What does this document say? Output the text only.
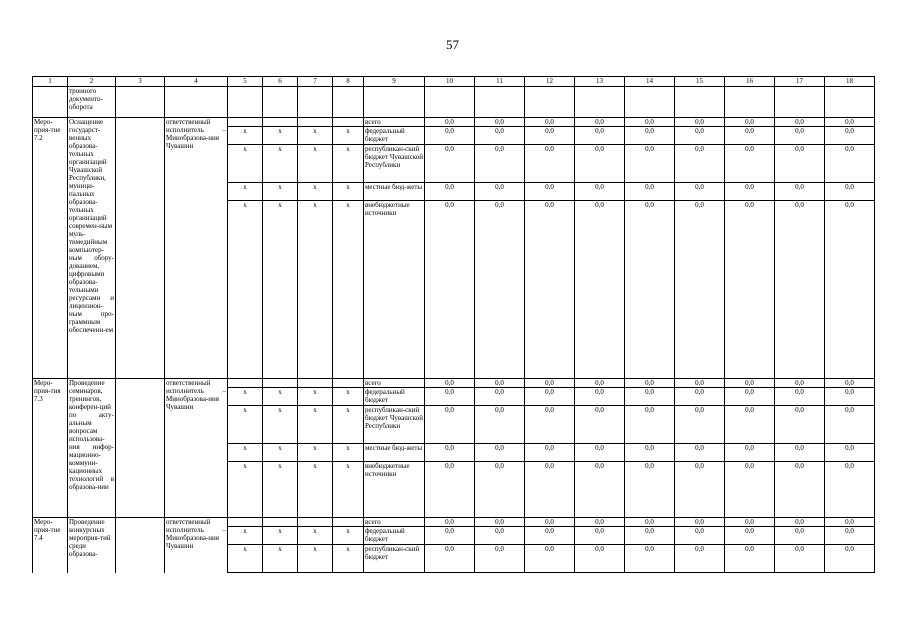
57
1	2	3	4	5	6	7	8	9	10	11	12	13	14	15	16	17	18
	тронного документо-оборота																
Меро-прия-тие 7.2	Оснащение государст-венных образова-тельных организаций Чувашской Республики, муници-пальных образова-тельных организаций современ-ным муль-тимедийным компьютер-ным обору-дованием, цифровыми образова-тельными ресурсами и лицензион-ным про-граммным обеспечени-ем		ответственный исполнитель – Минобразова-ния Чувашии					всего	0,0	0,0	0,0	0,0	0,0	0,0	0,0	0,0	0,0
				x	x	x	x	федеральный бюджет	0,0	0,0	0,0	0,0	0,0	0,0	0,0	0,0	0,0
				x	x	x	x	республикан-ский бюджет Чувашской Республики	0,0	0,0	0,0	0,0	0,0	0,0	0,0	0,0	0,0
				x	x	x	x	местные бюд-жеты	0,0	0,0	0,0	0,0	0,0	0,0	0,0	0,0	0,0
				x	x	x	x	внебюджетные источники	0,0	0,0	0,0	0,0	0,0	0,0	0,0	0,0	0,0
Меро-прия-тия 7.3	Проведение семинаров, тренингов, конферен-ций по акту-альным вопросам использова-ния инфор-мационно-коммуни-кационных технологий в образова-нии		ответственный исполнитель – Минобразова-ния Чувашии					всего	0,0	0,0	0,0	0,0	0,0	0,0	0,0	0,0	0,0
				x	x	x	x	федеральный бюджет	0,0	0,0	0,0	0,0	0,0	0,0	0,0	0,0	0,0
				x	x	x	x	республикан-ский бюджет Чувашской Республики	0,0	0,0	0,0	0,0	0,0	0,0	0,0	0,0	0,0
				x	x	x	x	местные бюд-жеты	0,0	0,0	0,0	0,0	0,0	0,0	0,0	0,0	0,0
				x	x	x	x	внебюджетные источники	0,0	0,0	0,0	0,0	0,0	0,0	0,0	0,0	0,0
Меро-прия-тие 7.4	Проведение конкурсных мероприя-тий среди образова-		ответственный исполнитель – Минобразова-ния Чувашии					всего	0,0	0,0	0,0	0,0	0,0	0,0	0,0	0,0	0,0
				x	x	x	x	федеральный бюджет	0,0	0,0	0,0	0,0	0,0	0,0	0,0	0,0	0,0
				x	x	x	x	республикан-ский бюджет	0,0	0,0	0,0	0,0	0,0	0,0	0,0	0,0	0,0
